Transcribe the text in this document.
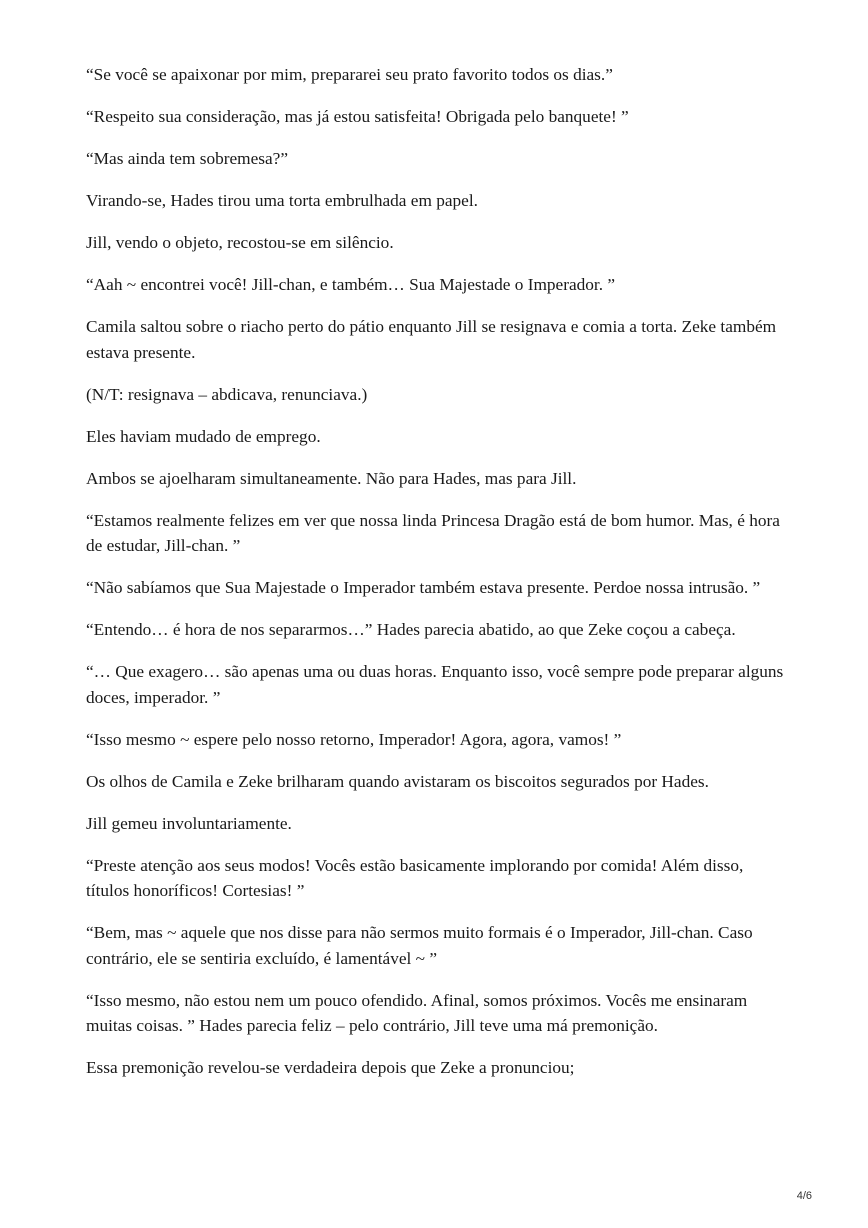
“Se você se apaixonar por mim, prepararei seu prato favorito todos os dias.”

“Respeito sua consideração, mas já estou satisfeita! Obrigada pelo banquete! ”

“Mas ainda tem sobremesa?”

Virando-se, Hades tirou uma torta embrulhada em papel.

Jill, vendo o objeto, recostou-se em silêncio.

“Aah ~ encontrei você! Jill-chan, e também… Sua Majestade o Imperador. ”

Camila saltou sobre o riacho perto do pátio enquanto Jill se resignava e comia a torta. Zeke também estava presente.

(N/T: resignava – abdicava, renunciava.)

Eles haviam mudado de emprego.

Ambos se ajoelharam simultaneamente. Não para Hades, mas para Jill.

“Estamos realmente felizes em ver que nossa linda Princesa Dragão está de bom humor. Mas, é hora de estudar, Jill-chan. ”

“Não sabíamos que Sua Majestade o Imperador também estava presente. Perdoe nossa intrusão. ”

“Entendo… é hora de nos separarmos…” Hades parecia abatido, ao que Zeke coçou a cabeça.

“… Que exagero… são apenas uma ou duas horas. Enquanto isso, você sempre pode preparar alguns doces, imperador. ”

“Isso mesmo ~ espere pelo nosso retorno, Imperador! Agora, agora, vamos! ”

Os olhos de Camila e Zeke brilharam quando avistaram os biscoitos segurados por Hades.

Jill gemeu involuntariamente.

“Preste atenção aos seus modos! Vocês estão basicamente implorando por comida! Além disso, títulos honoríficos! Cortesias! ”

“Bem, mas ~ aquele que nos disse para não sermos muito formais é o Imperador, Jill-chan. Caso contrário, ele se sentiria excluído, é lamentável ~ ”

“Isso mesmo, não estou nem um pouco ofendido. Afinal, somos próximos. Vocês me ensinaram muitas coisas. ” Hades parecia feliz – pelo contrário, Jill teve uma má premonição.

Essa premonição revelou-se verdadeira depois que Zeke a pronunciou;

4/6
